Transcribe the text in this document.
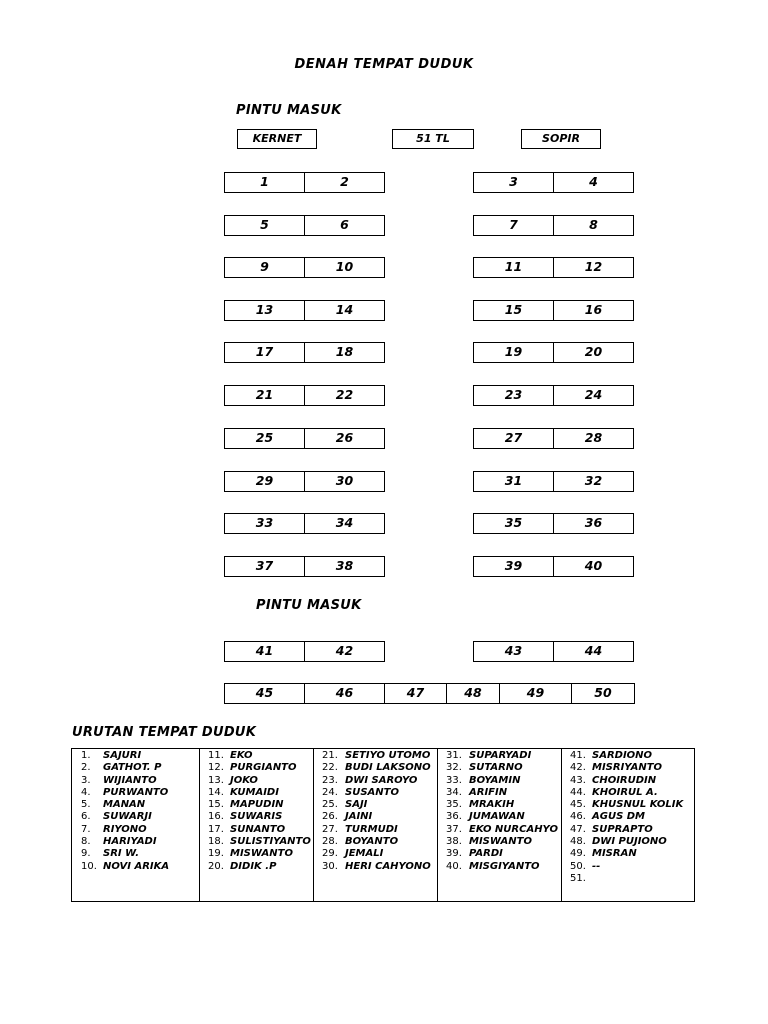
DENAH TEMPAT DUDUK
PINTU MASUK
KERNET	51 TL	SOPIR
1	2	3	4
5	6	7	8
9	10	11	12
13	14	15	16
17	18	19	20
21	22	23	24
25	26	27	28
29	30	31	32
33	34	35	36
37	38	39	40
41	42	43	44
45	46	47	48	49	50
PINTU MASUK
URUTAN TEMPAT DUDUK
1.	SAJURI
2.	GATHOT. P
3.	WIJIANTO
4.	PURWANTO
5.	MANAN
6.	SUWARJI
7.	RIYONO
8.	HARIYADI
9.	SRI W.
10. NOVI ARIKA
11. EKO
12. PURGIANTO
13. JOKO
14. KUMAIDI
15. MAPUDIN
16. SUWARIS
17. SUNANTO
18. SULISTIYANTO
19. MISWANTO
20. DIDIK .P
21. SETIYO UTOMO
22. BUDI LAKSONO
23. DWI SAROYO
24. SUSANTO
25. SAJI
26. JAINI
27. TURMUDI
28. BOYANTO
29. JEMALI
30. HERI CAHYONO
31. SUPARYADI
32. SUTARNO
33. BOYAMIN
34. ARIFIN
35. MRAKIH
36. JUMAWAN
37. EKO NURCAHYO
38. MISWANTO
39. PARDI
40. MISGIYANTO
41. SARDIONO
42. MISRIYANTO
43. CHOIRUDIN
44. KHOIRUL A.
45. KHUSNUL KOLIK
46. AGUS DM
47. SUPRAPTO
48. DWI PUJIONO
49. MISRAN
50. --
51.
